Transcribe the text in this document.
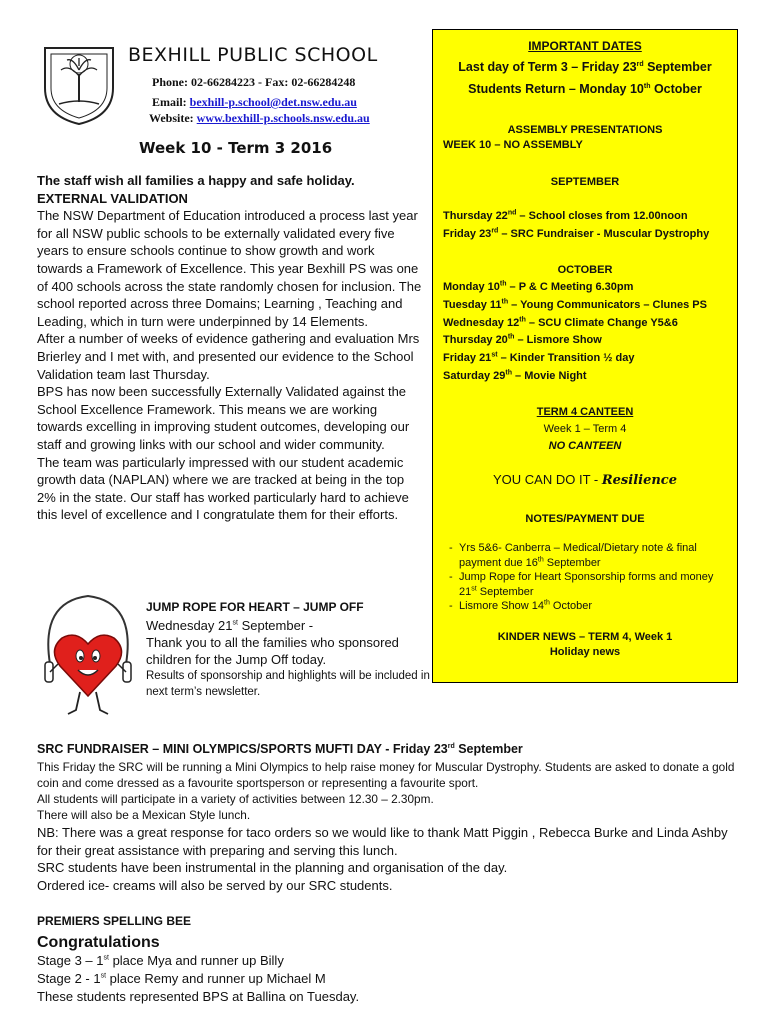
BEXHILL PUBLIC SCHOOL
Phone: 02-66284223 - Fax: 02-66284248
Email: bexhill-p.school@det.nsw.edu.au
Website: www.bexhill-p.schools.nsw.edu.au
Week 10 - Term 3 2016

The staff wish all families a happy and safe holiday.

EXTERNAL VALIDATION

The NSW Department of Education introduced a process last year for all NSW public schools to be externally validated every five years to ensure schools continue to show growth and work towards a Framework of Excellence. This year Bexhill PS was one of 400 schools across the state randomly chosen for inclusion. The school reported across three Domains; Learning , Teaching and Leading, which in turn were underpinned by 14 Elements.

After a number of weeks of evidence gathering and evaluation Mrs Brierley and I met with, and presented our evidence to the School Validation team last Thursday.

BPS has now been successfully Externally Validated against the School Excellence Framework. This means we are working towards excelling in improving student outcomes, developing our staff and growing links with our school and wider community.

The team was particularly impressed with our student academic growth data (NAPLAN) where we are tracked at being in the top 2% in the state. Our staff has worked particularly hard to achieve this level of excellence and I congratulate them for their efforts.

JUMP ROPE FOR HEART – JUMP OFF
Wednesday 21st September -
Thank you to all the families who sponsored children for the Jump Off today.
Results of sponsorship and highlights will be included in next term’s newsletter.
IMPORTANT DATES
Last day of Term 3 – Friday 23rd September
Students Return – Monday 10th October
ASSEMBLY PRESENTATIONS
WEEK 10 – NO ASSEMBLY
SEPTEMBER
Thursday 22nd – School closes from 12.00noon
Friday 23rd – SRC Fundraiser - Muscular Dystrophy
OCTOBER
Monday 10th – P & C Meeting 6.30pm
Tuesday 11th – Young Communicators – Clunes PS
Wednesday 12th – SCU Climate Change Y5&6
Thursday 20th – Lismore Show
Friday 21st – Kinder Transition ½ day
Saturday 29th – Movie Night
TERM 4 CANTEEN
Week 1 – Term 4
NO CANTEEN
YOU CAN DO IT - Resilience
NOTES/PAYMENT DUE
- Yrs 5&6- Canberra – Medical/Dietary note & final payment due 16th September
- Jump Rope for Heart Sponsorship forms and money 21st September
- Lismore Show 14th October
KINDER NEWS – TERM 4, Week 1
Holiday news
SRC FUNDRAISER – MINI OLYMPICS/SPORTS MUFTI DAY - Friday 23rd September
This Friday the SRC will be running a Mini Olympics to help raise money for Muscular Dystrophy. Students are asked to donate a gold coin and come dressed as a favourite sportsperson or representing a favourite sport.
All students will participate in a variety of activities between 12.30 – 2.30pm.
There will also be a Mexican Style lunch.
NB: There was a great response for taco orders so we would like to thank Matt Piggin , Rebecca Burke and Linda Ashby for their great assistance with preparing and serving this lunch.
SRC students have been instrumental in the planning and organisation of the day.
Ordered ice- creams will also be served by our SRC students.
PREMIERS SPELLING BEE
Congratulations
Stage 3 – 1st place Mya and runner up Billy
Stage 2 - 1st place Remy and runner up Michael M
These students represented BPS at Ballina on Tuesday.
